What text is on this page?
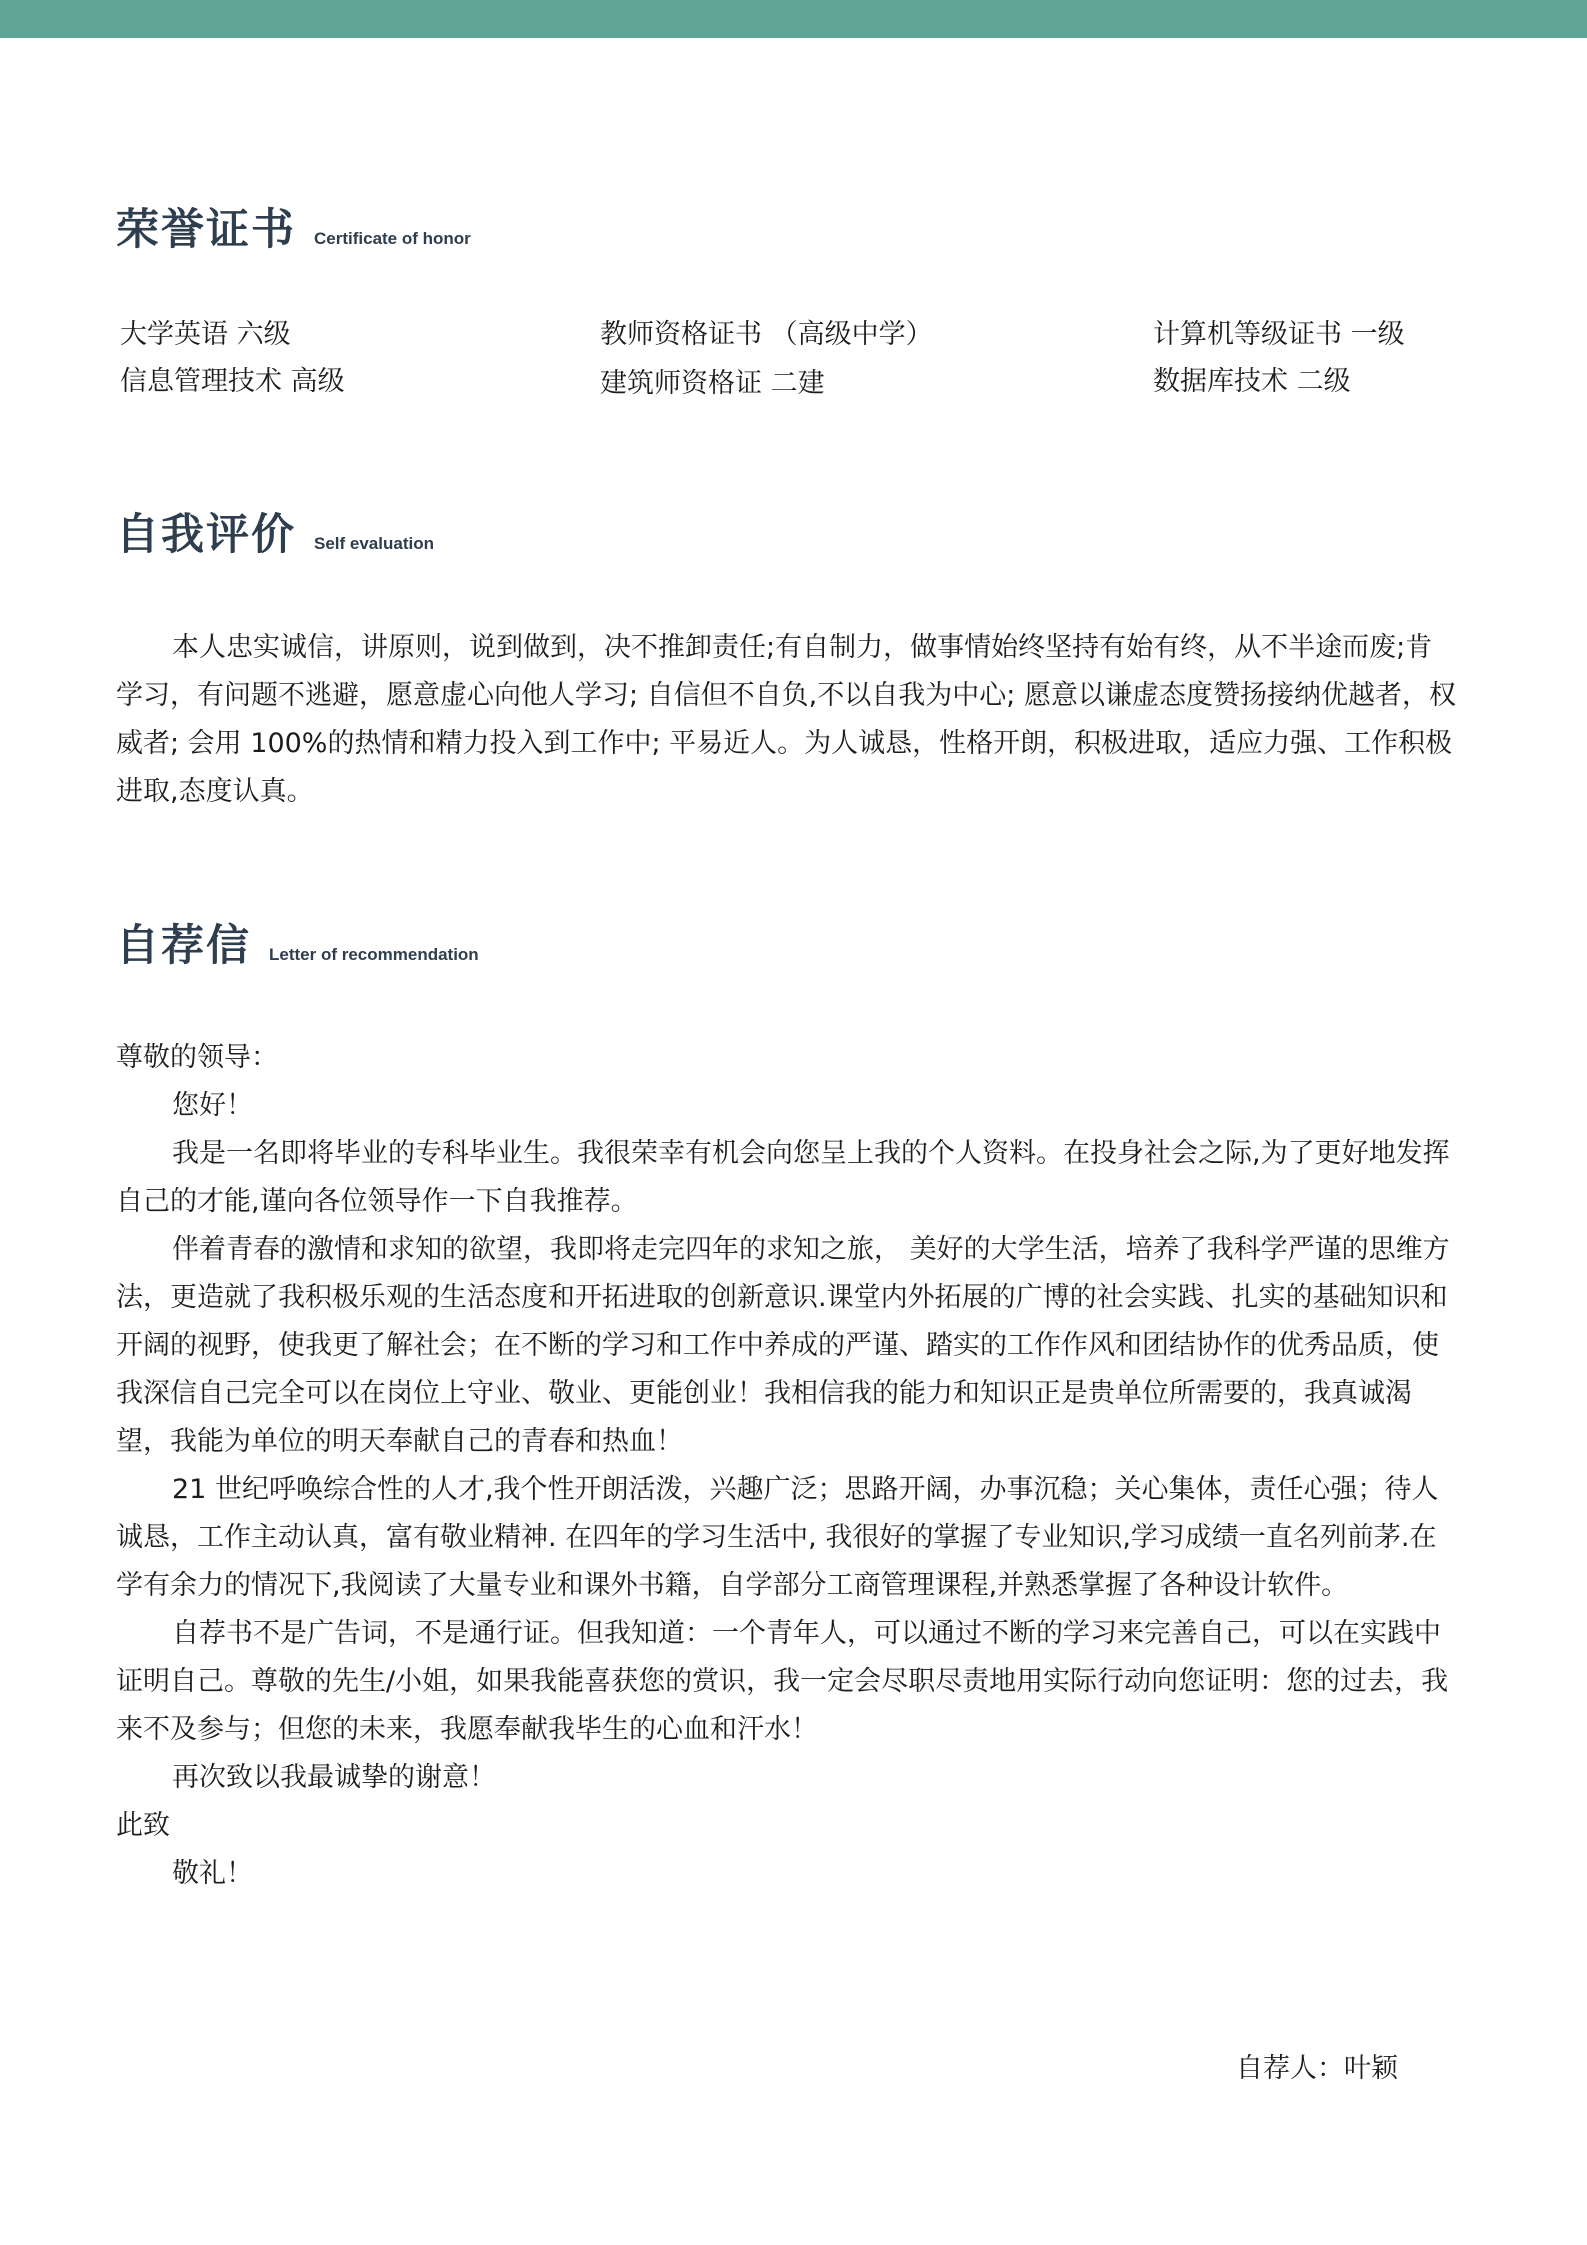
荣誉证书 Certificate of honor
大学英语 六级	教师资格证书 （高级中学）	计算机等级证书 一级
信息管理技术 高级	建筑师资格证 二建	数据库技术 二级
自我评价 Self evaluation

本人忠实诚信，讲原则，说到做到，决不推卸责任;有自制力，做事情始终坚持有始有终，从不半途而废;肯学习，有问题不逃避，愿意虚心向他人学习; 自信但不自负,不以自我为中心; 愿意以谦虚态度赞扬接纳优越者，权威者; 会用 100%的热情和精力投入到工作中; 平易近人。为人诚恳，性格开朗，积极进取，适应力强、工作积极进取,态度认真。

自荐信 Letter of recommendation

尊敬的领导：

您好！

我是一名即将毕业的专科毕业生。我很荣幸有机会向您呈上我的个人资料。在投身社会之际,为了更好地发挥自己的才能,谨向各位领导作一下自我推荐。

伴着青春的激情和求知的欲望，我即将走完四年的求知之旅， 美好的大学生活，培养了我科学严谨的思维方法，更造就了我积极乐观的生活态度和开拓进取的创新意识.课堂内外拓展的广博的社会实践、扎实的基础知识和开阔的视野，使我更了解社会；在不断的学习和工作中养成的严谨、踏实的工作作风和团结协作的优秀品质，使我深信自己完全可以在岗位上守业、敬业、更能创业！我相信我的能力和知识正是贵单位所需要的，我真诚渴望，我能为单位的明天奉献自己的青春和热血！

21 世纪呼唤综合性的人才,我个性开朗活泼，兴趣广泛；思路开阔，办事沉稳；关心集体，责任心强；待人诚恳，工作主动认真，富有敬业精神. 在四年的学习生活中, 我很好的掌握了专业知识,学习成绩一直名列前茅.在学有余力的情况下,我阅读了大量专业和课外书籍，自学部分工商管理课程,并熟悉掌握了各种设计软件。

自荐书不是广告词，不是通行证。但我知道：一个青年人，可以通过不断的学习来完善自己，可以在实践中证明自己。尊敬的先生/小姐，如果我能喜获您的赏识，我一定会尽职尽责地用实际行动向您证明：您的过去，我来不及参与；但您的未来，我愿奉献我毕生的心血和汗水！

再次致以我最诚挚的谢意！

此致

敬礼！

自荐人：叶颖
